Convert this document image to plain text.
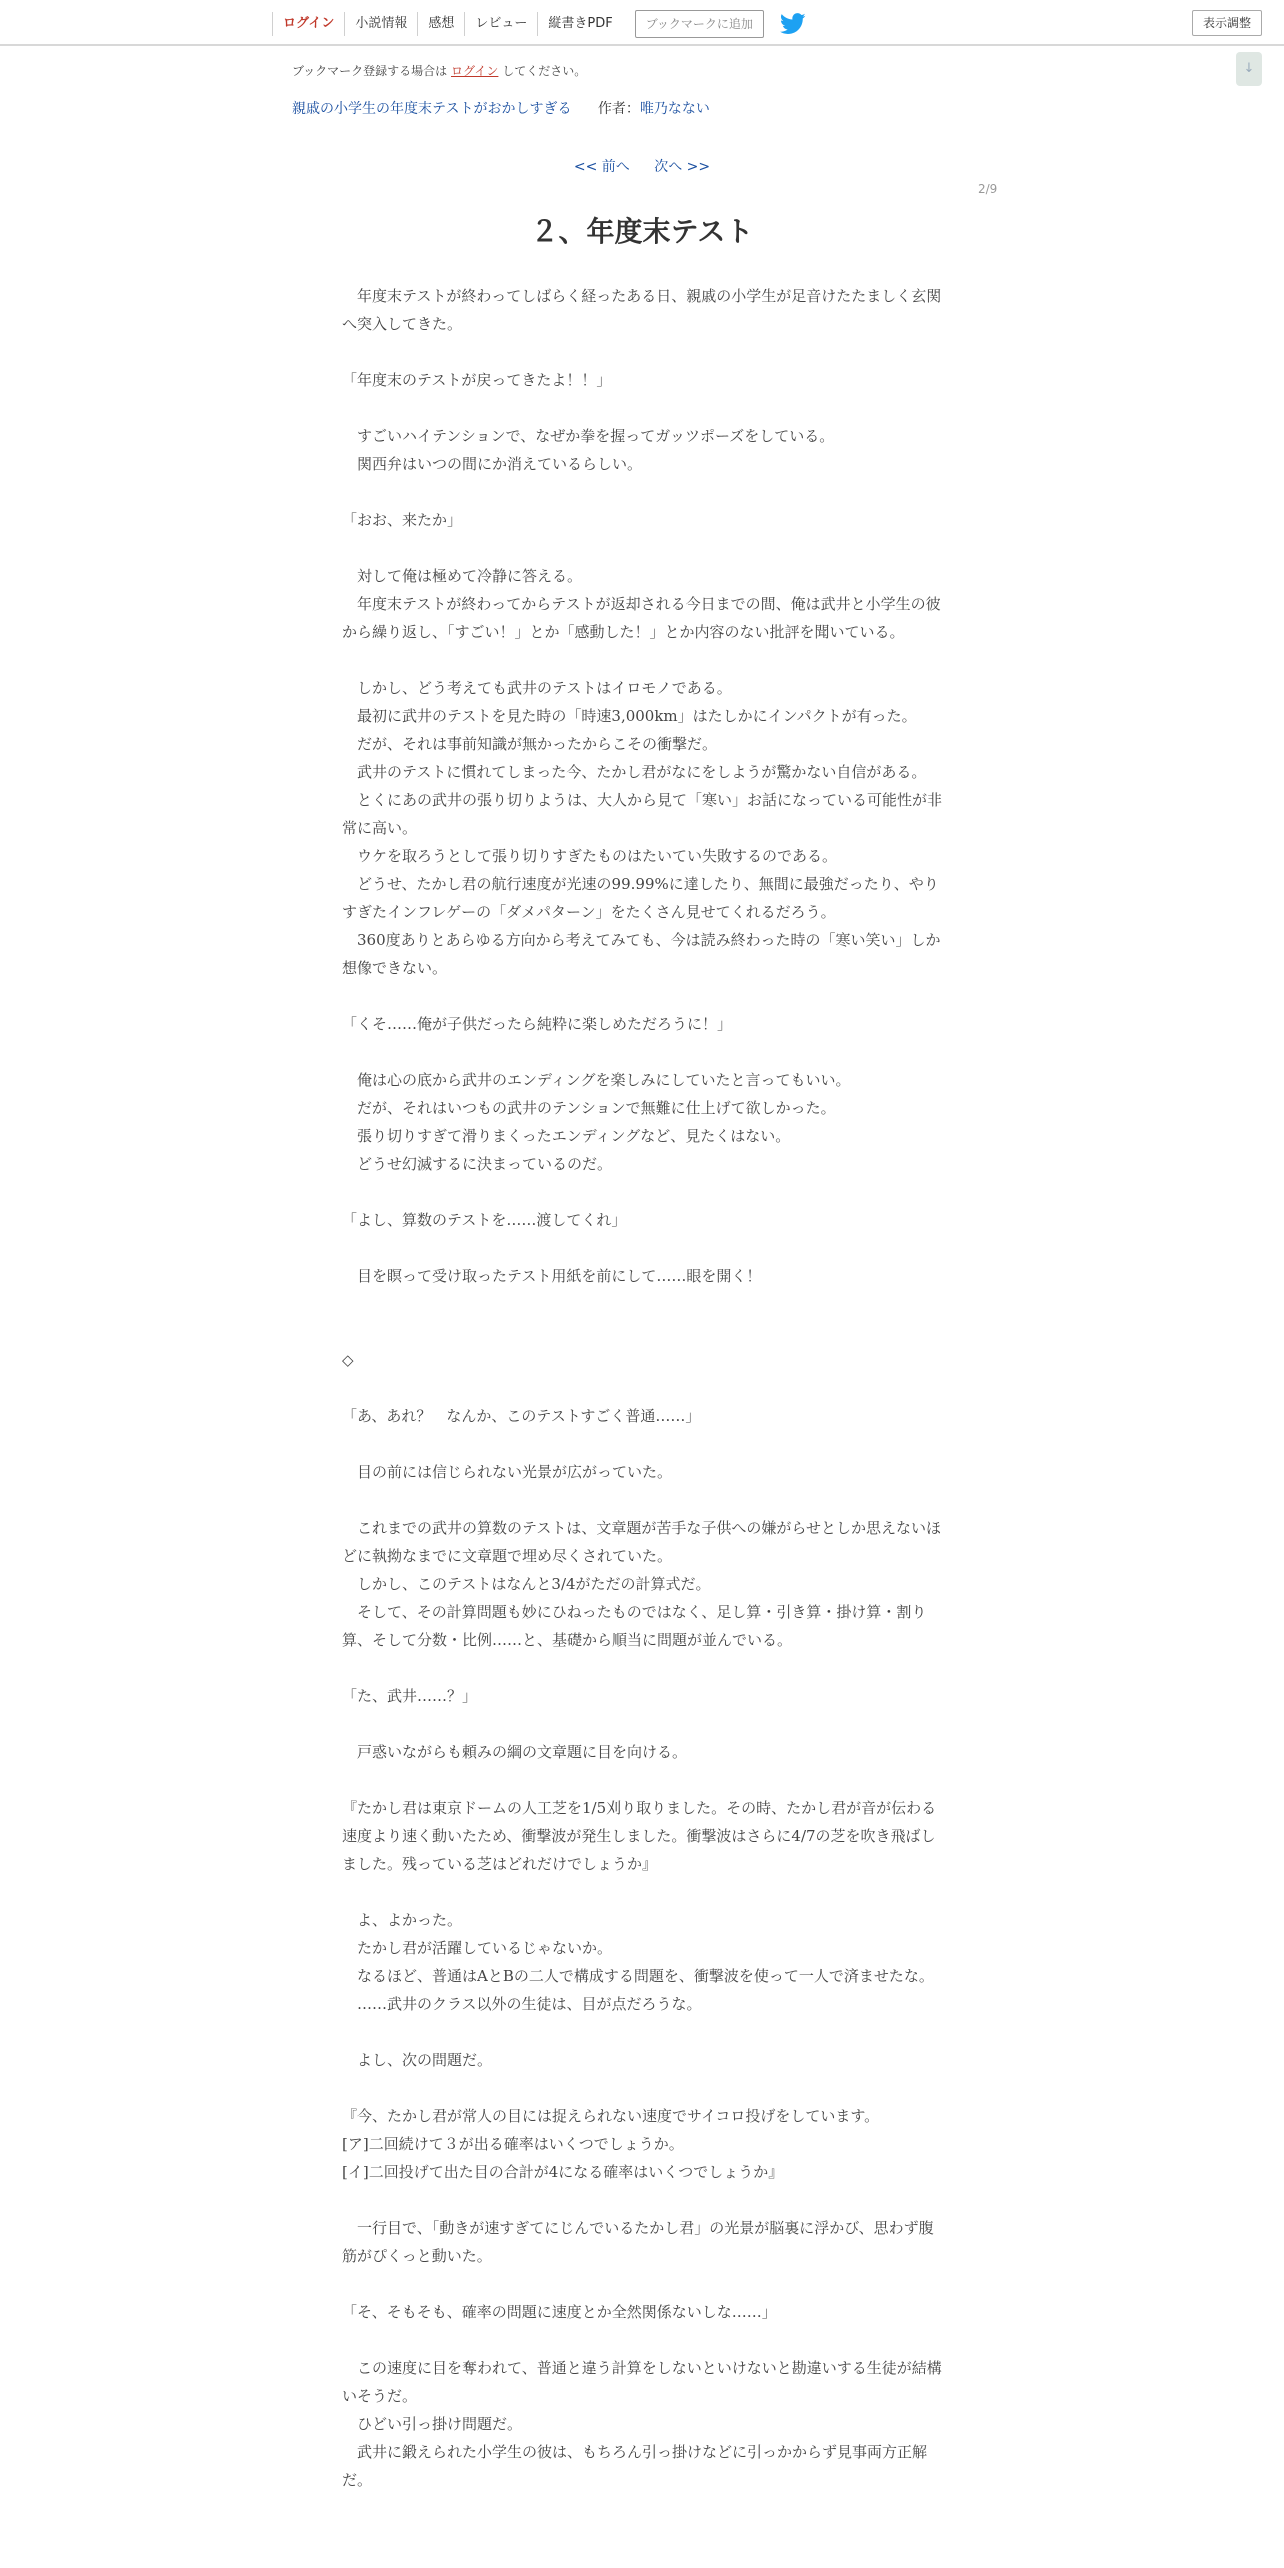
ログイン	小説情報	感想	レビュー	縦書きPDF	ブックマークに追加	表示調整
↓
ブックマーク登録する場合は ログイン してください。
親戚の小学生の年度末テストがおかしすぎる 作者：唯乃なない
<< 前へ 次へ >>
2/9
２、年度末テスト

年度末テストが終わってしばらく経ったある日、親戚の小学生が足音けたたましく玄関へ突入してきた。

「年度末のテストが戻ってきたよ！！」

すごいハイテンションで、なぜか拳を握ってガッツポーズをしている。

関西弁はいつの間にか消えているらしい。

「おお、来たか」

対して俺は極めて冷静に答える。

年度末テストが終わってからテストが返却される今日までの間、俺は武井と小学生の彼から繰り返し、「すごい！」とか「感動した！」とか内容のない批評を聞いている。

しかし、どう考えても武井のテストはイロモノである。

最初に武井のテストを見た時の「時速3,000km」はたしかにインパクトが有った。

だが、それは事前知識が無かったからこその衝撃だ。

武井のテストに慣れてしまった今、たかし君がなにをしようが驚かない自信がある。

とくにあの武井の張り切りようは、大人から見て「寒い」お話になっている可能性が非常に高い。

ウケを取ろうとして張り切りすぎたものはたいてい失敗するのである。

どうせ、たかし君の航行速度が光速の99.99%に達したり、無間に最強だったり、やりすぎたインフレゲーの「ダメパターン」をたくさん見せてくれるだろう。

360度ありとあらゆる方向から考えてみても、今は読み終わった時の「寒い笑い」しか想像できない。

「くそ……俺が子供だったら純粋に楽しめただろうに！」

俺は心の底から武井のエンディングを楽しみにしていたと言ってもいい。

だが、それはいつもの武井のテンションで無難に仕上げて欲しかった。

張り切りすぎて滑りまくったエンディングなど、見たくはない。

どうせ幻滅するに決まっているのだ。

「よし、算数のテストを……渡してくれ」

目を瞑って受け取ったテスト用紙を前にして……眼を開く！

◇

「あ、あれ？　なんか、このテストすごく普通……」

目の前には信じられない光景が広がっていた。

これまでの武井の算数のテストは、文章題が苦手な子供への嫌がらせとしか思えないほどに執拗なまでに文章題で埋め尽くされていた。

しかし、このテストはなんと3/4がただの計算式だ。

そして、その計算問題も妙にひねったものではなく、足し算・引き算・掛け算・割り算、そして分数・比例……と、基礎から順当に問題が並んでいる。

「た、武井……？」

戸惑いながらも頼みの綱の文章題に目を向ける。

『たかし君は東京ドームの人工芝を1/5刈り取りました。その時、たかし君が音が伝わる速度より速く動いたため、衝撃波が発生しました。衝撃波はさらに4/7の芝を吹き飛ばしました。残っている芝はどれだけでしょうか』

よ、よかった。

たかし君が活躍しているじゃないか。

なるほど、普通はAとBの二人で構成する問題を、衝撃波を使って一人で済ませたな。

……武井のクラス以外の生徒は、目が点だろうな。

よし、次の問題だ。

『今、たかし君が常人の目には捉えられない速度でサイコロ投げをしています。

[ア]二回続けて３が出る確率はいくつでしょうか。

[イ]二回投げて出た目の合計が4になる確率はいくつでしょうか』

一行目で、「動きが速すぎてにじんでいるたかし君」の光景が脳裏に浮かび、思わず腹筋がぴくっと動いた。

「そ、そもそも、確率の問題に速度とか全然関係ないしな……」

この速度に目を奪われて、普通と違う計算をしないといけないと勘違いする生徒が結構いそうだ。

ひどい引っ掛け問題だ。

武井に鍛えられた小学生の彼は、もちろん引っ掛けなどに引っかからず見事両方正解だ。
